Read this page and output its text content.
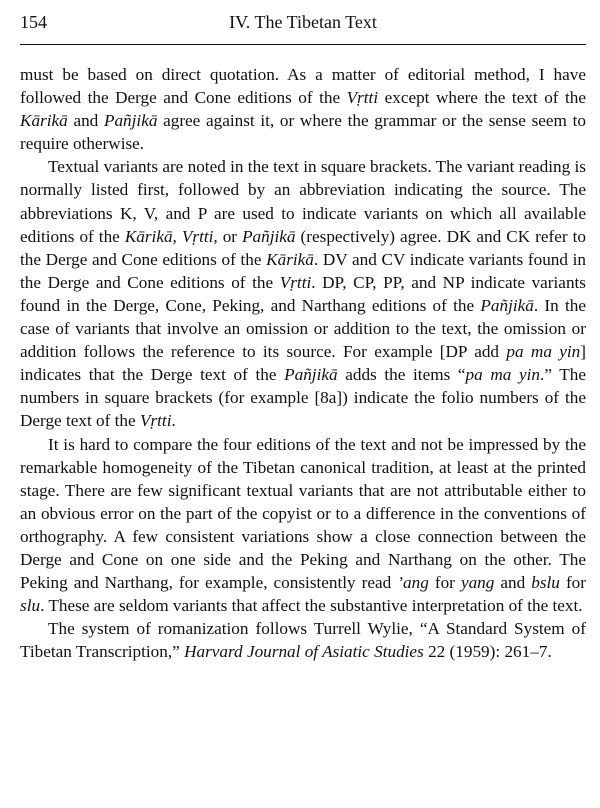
154	IV. The Tibetan Text

must be based on direct quotation. As a matter of editorial method, I have followed the Derge and Cone editions of the Vṛtti except where the text of the Kārikā and Pañjikā agree against it, or where the grammar or the sense seem to require otherwise.

Textual variants are noted in the text in square brackets. The variant reading is normally listed first, followed by an abbreviation indicating the source. The abbreviations K, V, and P are used to indicate variants on which all available editions of the Kārikā, Vṛtti, or Pañjikā (respectively) agree. DK and CK refer to the Derge and Cone editions of the Kārikā. DV and CV indicate variants found in the Derge and Cone editions of the Vṛtti. DP, CP, PP, and NP indicate variants found in the Derge, Cone, Peking, and Narthang editions of the Pañjikā. In the case of variants that involve an omission or addition to the text, the omission or addition follows the reference to its source. For example [DP add pa ma yin] indicates that the Derge text of the Pañjikā adds the items “pa ma yin.” The numbers in square brackets (for example [8a]) indicate the folio numbers of the Derge text of the Vṛtti.

It is hard to compare the four editions of the text and not be impressed by the remarkable homogeneity of the Tibetan canonical tradition, at least at the printed stage. There are few significant textual variants that are not attributable either to an obvious error on the part of the copyist or to a difference in the conventions of orthography. A few consistent variations show a close connection between the Derge and Cone on one side and the Peking and Narthang on the other. The Peking and Narthang, for example, consistently read ’ang for yang and bslu for slu. These are seldom variants that affect the substantive interpretation of the text.

The system of romanization follows Turrell Wylie, “A Standard System of Tibetan Transcription,” Harvard Journal of Asiatic Studies 22 (1959): 261–7.
